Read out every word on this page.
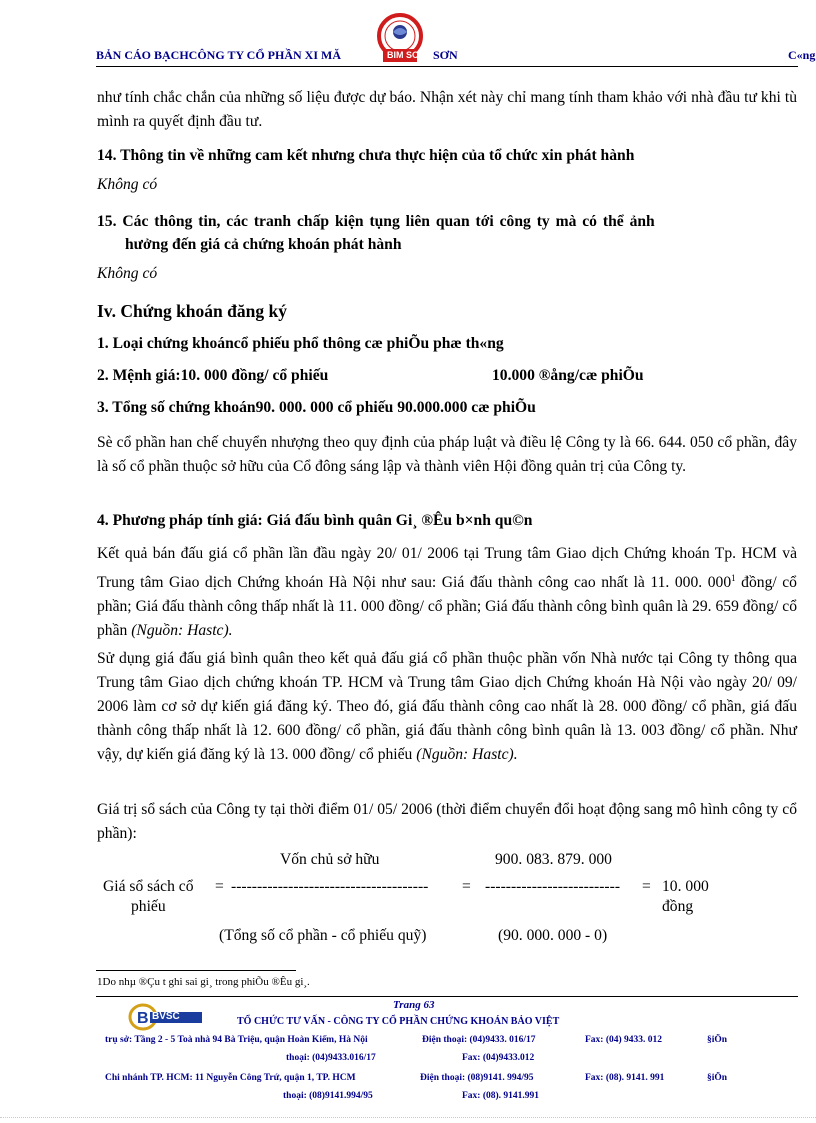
BẢN CÁO BẠCHCÔNG TY CỔ PHẦN XI MĂ	SƠN	C«ng
BIM SƠN
như tính chắc chắn của những số liệu được dự báo. Nhận xét này chỉ mang tính tham khảo với nhà đầu tư khi tù mình ra quyết định đầu tư.
14. Thông tin về những cam kết nhưng chưa thực hiện của tổ chức xin phát hành
Không có
15. Các thông tin, các tranh chấp kiện tụng liên quan tới công ty mà có thể ảnh
hưởng đến giá cả chứng khoán phát hành
Không có
Iv. Chứng khoán đăng ký
1. Loại chứng khoáncổ phiếu phổ thông cæ phiÕu phæ th«ng
2. Mệnh giá:10. 000 đồng/ cổ phiếu	10.000 ®ång/cæ phiÕu
3. Tổng số chứng khoán90. 000. 000 cổ phiếu 90.000.000 cæ phiÕu
Sè cổ phần han chế chuyển nhượng theo quy định của pháp luật và điều lệ Công ty là 66. 644. 050 cổ phần, đây là số cổ phần thuộc sở hữu của Cổ đông sáng lập và thành viên Hội đồng quản trị của Công ty.
4. Phương pháp tính giá: Giá đấu bình quân Gi¸ ®Êu b×nh qu©n
Kết quả bán đấu giá cổ phần lần đầu ngày 20/ 01/ 2006 tại Trung tâm Giao dịch Chứng khoán Tp. HCM và Trung tâm Giao dịch Chứng khoán Hà Nội như sau: Giá đấu thành công cao nhất là 11. 000. $000^1$ đồng/ cổ phần; Giá đấu thành công thấp nhất là 11. 000 đồng/ cổ phần; Giá đấu thành công bình quân là 29. 659 đồng/ cổ phần (Nguồn: Hastc).
Sử dụng giá đấu giá bình quân theo kết quả đấu giá cổ phần thuộc phần vốn Nhà nước tại Công ty thông qua Trung tâm Giao dịch chứng khoán TP. HCM và Trung tâm Giao dịch Chứng khoán Hà Nội vào ngày 20/ 09/ 2006 làm cơ sở dự kiến giá đăng ký. Theo đó, giá đấu thành công cao nhất là 28. 000 đồng/ cổ phần, giá đấu thành công thấp nhất là 12. 600 đồng/ cổ phần, giá đấu thành công bình quân là 13. 003 đồng/ cổ phần. Như vậy, dự kiến giá đăng ký là 13. 000 đồng/ cổ phiếu (Nguồn: Hastc).
Giá trị sổ sách của Công ty tại thời điểm 01/ 05/ 2006 (thời điểm chuyển đổi hoạt động sang mô hình công ty cổ phần):
Vốn chủ sở hữu	900. 083. 879. 000
Giá sổ sách cổ
phiếu
= -------------------------------------- = -------------------------- = 10. 000
đồng
(Tổng số cổ phần - cổ phiếu quỹ)	(90. 000. 000 - 0)
1Do nhµ ®Çu t ghi sai gi¸ trong phiÕu ®Êu gi¸.
Trang 63
B BVSC	TỔ CHỨC TƯ VẤN - CÔNG TY CỔ PHẦN CHỨNG KHOÁN BẢO VIỆT
trụ sở: Tầng 2 - 5 Toà nhà 94 Bà Triệu, quận Hoàn Kiếm, Hà Nội	Điện thoại: (04)9433. 016/17	Fax: (04) 9433. 012	§iÖn
thoại: (04)9433.016/17	Fax: (04)9433.012
Chi nhánh TP. HCM: 11 Nguyễn Công Trứ, quận 1, TP. HCM	Điện thoại: (08)9141. 994/95	Fax: (08). 9141. 991	§iÖn
thoại: (08)9141.994/95	Fax: (08). 9141.991
